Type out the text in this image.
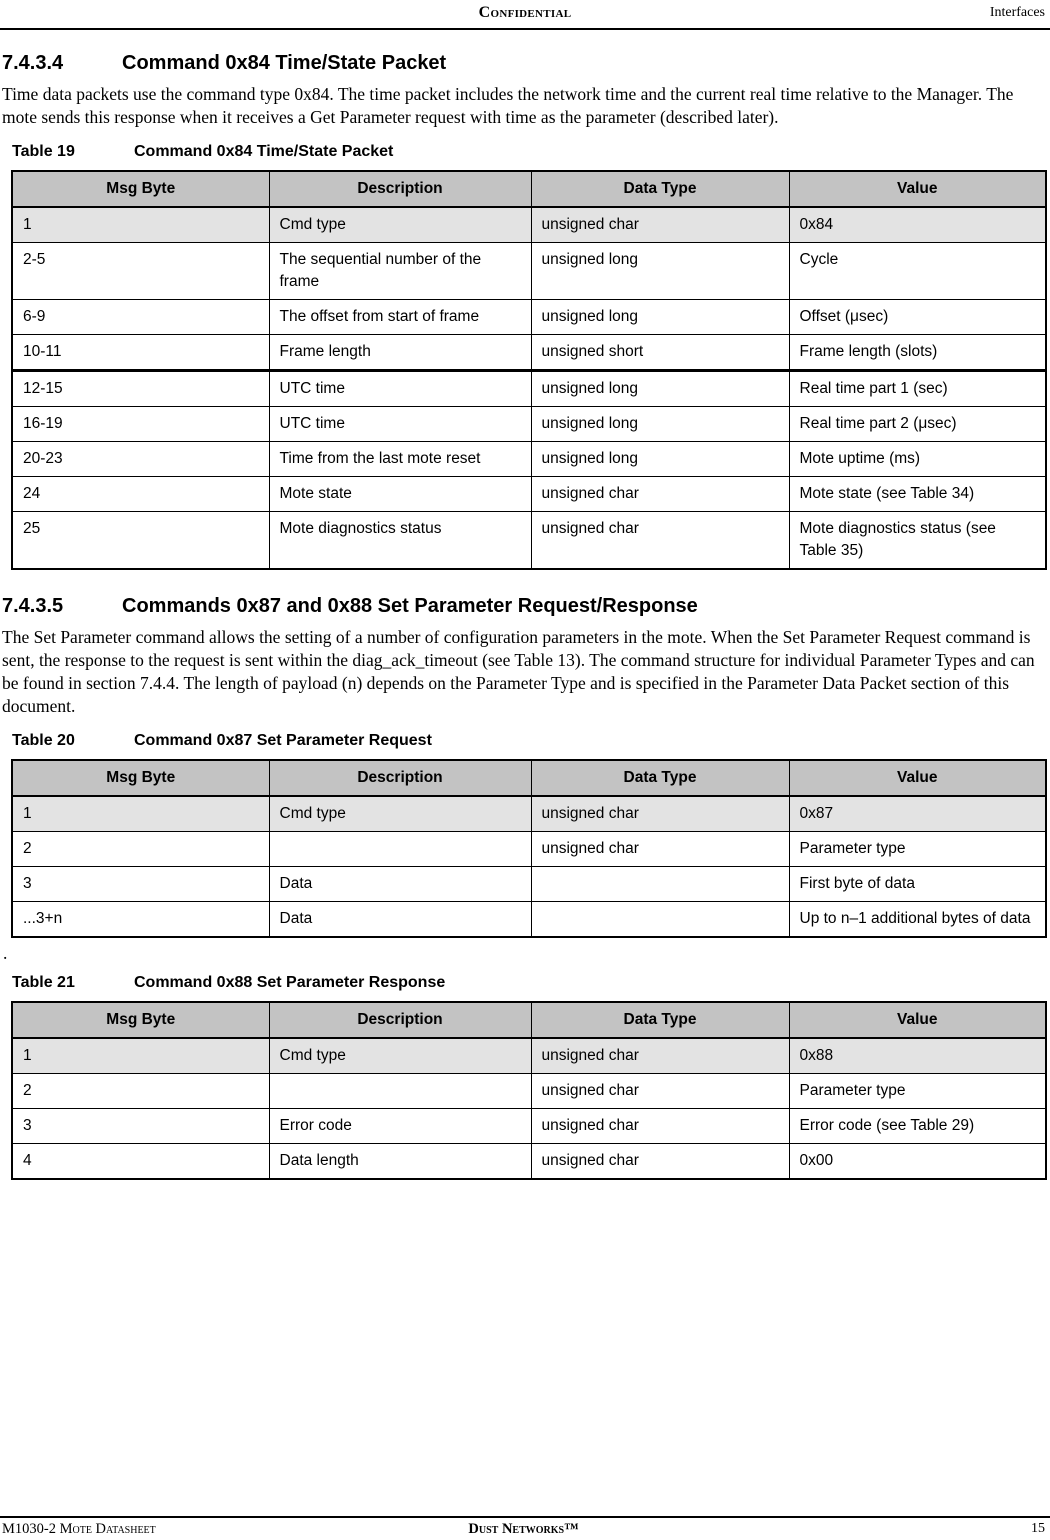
Confidential	Interfaces
7.4.3.4	Command 0x84 Time/State Packet

Time data packets use the command type 0x84. The time packet includes the network time and the current real time relative to the Manager. The mote sends this response when it receives a Get Parameter request with time as the parameter (described later).

Table 19	Command 0x84 Time/State Packet
Msg Byte	Description	Data Type	Value
1	Cmd type	unsigned char	0x84
2-5	The sequential number of the frame	unsigned long	Cycle
6-9	The offset from start of frame	unsigned long	Offset (μsec)
10-11	Frame length	unsigned short	Frame length (slots)
12-15	UTC time	unsigned long	Real time part 1 (sec)
16-19	UTC time	unsigned long	Real time part 2 (μsec)
20-23	Time from the last mote reset	unsigned long	Mote uptime (ms)
24	Mote state	unsigned char	Mote state (see Table 34)
25	Mote diagnostics status	unsigned char	Mote diagnostics status (see Table 35)
7.4.3.5	Commands 0x87 and 0x88 Set Parameter Request/Response

The Set Parameter command allows the setting of a number of configuration parameters in the mote. When the Set Parameter Request command is sent, the response to the request is sent within the diag_ack_timeout (see Table 13). The command structure for individual Parameter Types and can be found in section 7.4.4. The length of payload (n) depends on the Parameter Type and is specified in the Parameter Data Packet section of this document.

Table 20	Command 0x87 Set Parameter Request
Msg Byte	Description	Data Type	Value
1	Cmd type	unsigned char	0x87
2		unsigned char	Parameter type
3	Data		First byte of data
...3+n	Data		Up to n–1 additional bytes of data

.

Table 21	Command 0x88 Set Parameter Response
Msg Byte	Description	Data Type	Value
1	Cmd type	unsigned char	0x88
2		unsigned char	Parameter type
3	Error code	unsigned char	Error code (see Table 29)
4	Data length	unsigned char	0x00
M1030-2 Mote Datasheet	Dust Networks™	15
